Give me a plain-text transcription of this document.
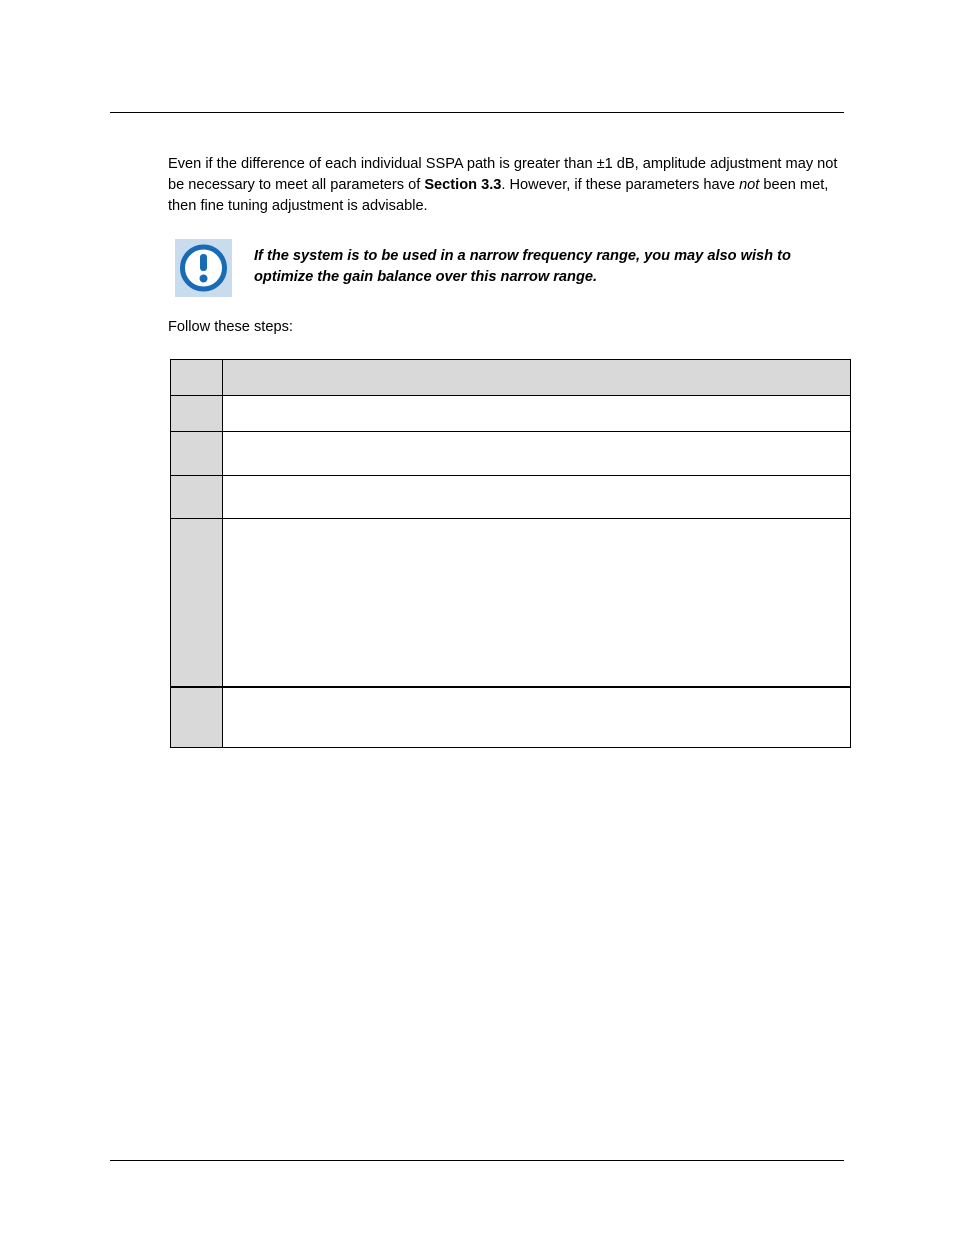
Even if the difference of each individual SSPA path is greater than ±1 dB, amplitude adjustment may not be necessary to meet all parameters of Section 3.3. However, if these parameters have not been met, then fine tuning adjustment is advisable.

If the system is to be used in a narrow frequency range, you may also wish to optimize the gain balance over this narrow range.

Follow these steps:
